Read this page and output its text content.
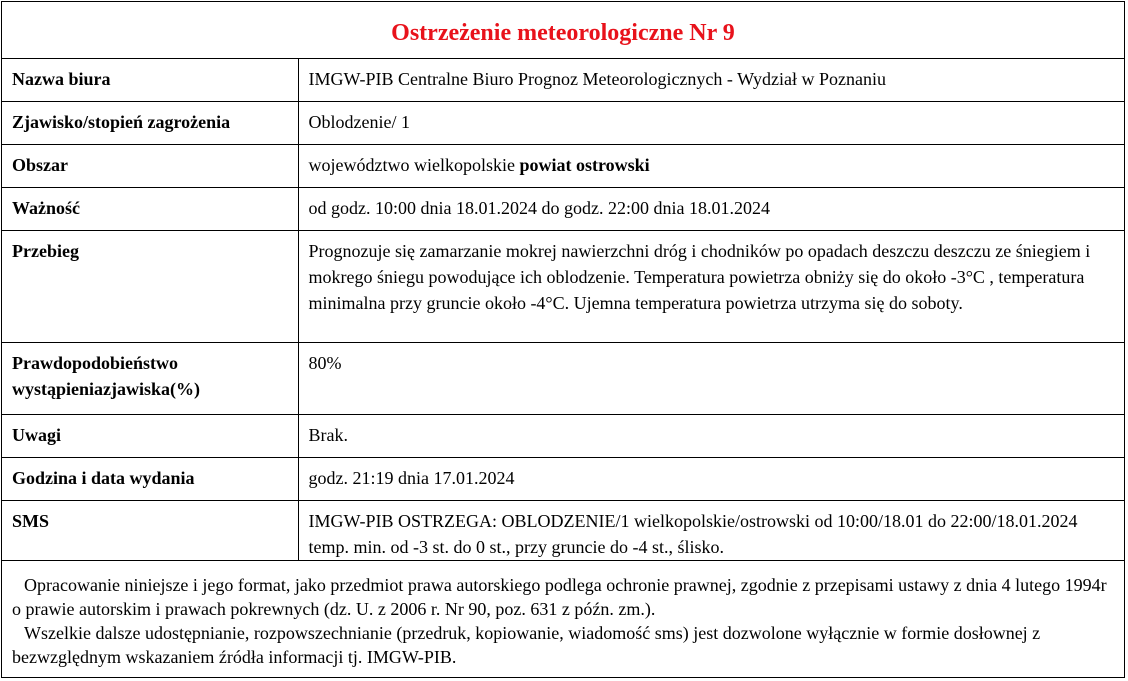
Ostrzeżenie meteorologiczne Nr 9
Nazwa biura	IMGW-PIB Centralne Biuro Prognoz Meteorologicznych - Wydział w Poznaniu
Zjawisko/stopień zagrożenia	Oblodzenie/ 1
Obszar	województwo wielkopolskie powiat ostrowski
Ważność	od godz. 10:00 dnia 18.01.2024 do godz. 22:00 dnia 18.01.2024
Przebieg	Prognozuje się zamarzanie mokrej nawierzchni dróg i chodników po opadach deszczu deszczu ze śniegiem i mokrego śniegu powodujące ich oblodzenie. Temperatura powietrza obniży się do około -3°C , temperatura minimalna przy gruncie około -4°C. Ujemna temperatura powietrza utrzyma się do soboty.
Prawdopodobieństwo wystąpieniazjawiska(%)	80%
Uwagi	Brak.
Godzina i data wydania	godz. 21:19 dnia 17.01.2024
SMS	IMGW-PIB OSTRZEGA: OBLODZENIE/1 wielkopolskie/ostrowski od 10:00/18.01 do 22:00/18.01.2024 temp. min. od -3 st. do 0 st., przy gruncie do -4 st., ślisko.

Opracowanie niniejsze i jego format, jako przedmiot prawa autorskiego podlega ochronie prawnej, zgodnie z przepisami ustawy z dnia 4 lutego 1994r o prawie autorskim i prawach pokrewnych (dz. U. z 2006 r. Nr 90, poz. 631 z późn. zm.).

Wszelkie dalsze udostępnianie, rozpowszechnianie (przedruk, kopiowanie, wiadomość sms) jest dozwolone wyłącznie w formie dosłownej z bezwzględnym wskazaniem źródła informacji tj. IMGW-PIB.
